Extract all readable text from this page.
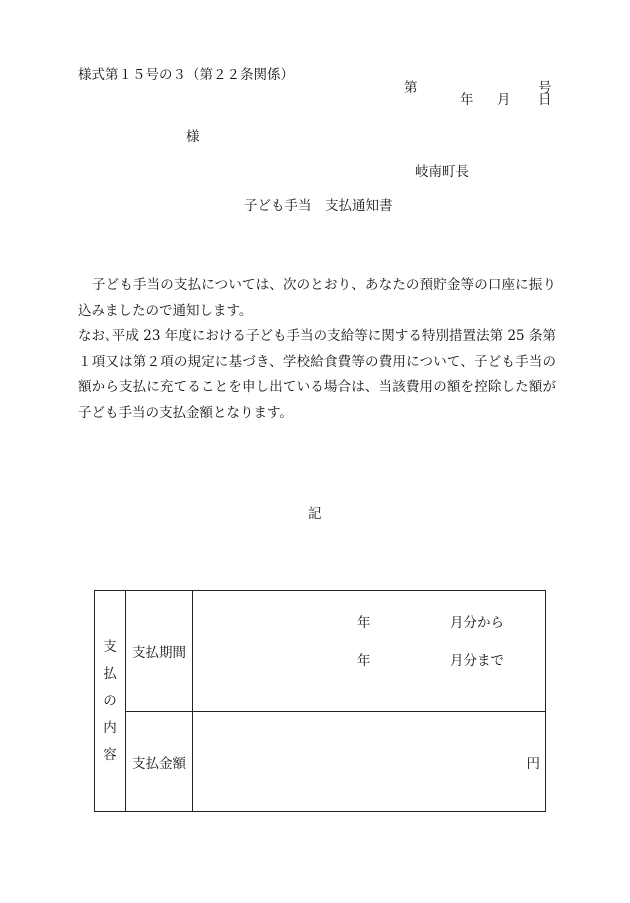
様式第１５号の３（第２２条関係）
第	号
年 月 日
様
岐南町長
子ども手当　支払通知書
子ども手当の支払については、次のとおり、あなたの預貯金等の口座に振り込みましたので通知します。
なお､平成 23 年度における子ども手当の支給等に関する特別措置法第 25 条第１項又は第２項の規定に基づき、学校給食費等の費用について、子ども手当の額から支払に充てることを申し出ている場合は、当該費用の額を控除した額が子ども手当の支払金額となります。
記
支
払
の
内
容	支払期間	年 月分から
年 月分まで

	支払金額	円
